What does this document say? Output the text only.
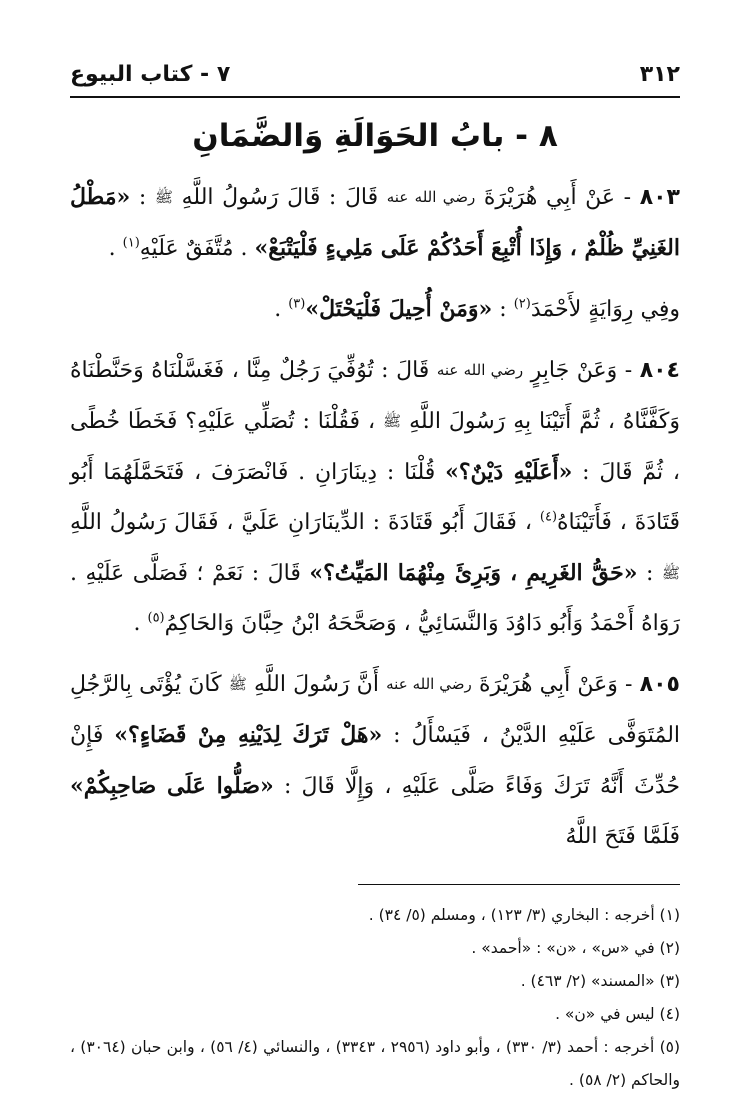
٣١٢
٧ - كتاب البيوع
٨ - بابُ الحَوَالَةِ وَالضَّمَانِ

٨٠٣ - عَنْ أَبِي هُرَيْرَةَ رضي الله عنه قَالَ : قَالَ رَسُولُ اللَّهِ ﷺ : «مَطْلُ الغَنِيِّ ظُلْمٌ ، وَإِذَا أُتْبِعَ أَحَدُكُمْ عَلَى مَلِيءٍ فَلْيَتْبَعْ» . مُتَّفَقٌ عَلَيْهِ$^{(١)}$ .

وفِي رِوَايَةٍ لأَحْمَدَ$^{(٢)}$ : «وَمَنْ أُحِيلَ فَلْيَحْتَلْ»$^{(٣)}$ .

٨٠٤ - وَعَنْ جَابِرٍ رضي الله عنه قَالَ : تُوُفِّيَ رَجُلٌ مِنَّا ، فَغَسَّلْنَاهُ وَحَنَّطْنَاهُ وَكَفَّنَّاهُ ، ثُمَّ أَتَيْنَا بِهِ رَسُولَ اللَّهِ ﷺ ، فَقُلْنَا : تُصَلِّي عَلَيْهِ؟ فَخَطَا خُطًى ، ثُمَّ قَالَ : «أَعَلَيْهِ دَيْنٌ؟» قُلْنَا : دِينَارَانِ . فَانْصَرَفَ ، فَتَحَمَّلَهُمَا أَبُو قَتَادَةَ ، فَأَتَيْنَاهُ$^{(٤)}$ ، فَقَالَ أَبُو قَتَادَةَ : الدِّينَارَانِ عَلَيَّ ، فَقَالَ رَسُولُ اللَّهِ ﷺ : «حَقُّ الغَرِيمِ ، وَبَرِئَ مِنْهُمَا المَيِّتُ؟» قَالَ : نَعَمْ ؛ فَصَلَّى عَلَيْهِ . رَوَاهُ أَحْمَدُ وَأَبُو دَاوُدَ وَالنَّسَائِيُّ ، وَصَحَّحَهُ ابْنُ حِبَّانَ وَالحَاكِمُ$^{(٥)}$ .

٨٠٥ - وَعَنْ أَبِي هُرَيْرَةَ رضي الله عنه أَنَّ رَسُولَ اللَّهِ ﷺ كَانَ يُؤْتَى بِالرَّجُلِ المُتَوَفَّى عَلَيْهِ الدَّيْنُ ، فَيَسْأَلُ : «هَلْ تَرَكَ لِدَيْنِهِ مِنْ قَضَاءٍ؟» فَإِنْ حُدِّثَ أَنَّهُ تَرَكَ وَفَاءً صَلَّى عَلَيْهِ ، وَإِلَّا قَالَ : «صَلُّوا عَلَى صَاحِبِكُمْ» فَلَمَّا فَتَحَ اللَّهُ

(١) أخرجه : البخاري (٣/ ١٢٣) ، ومسلم (٥/ ٣٤) .

(٢) في «س» ، «ن» : «أحمد» .

(٣) «المسند» (٢/ ٤٦٣) .

(٤) ليس في «ن» .

(٥) أخرجه : أحمد (٣/ ٣٣٠) ، وأبو داود (٢٩٥٦ ، ٣٣٤٣) ، والنسائي (٤/ ٥٦) ، وابن حبان (٣٠٦٤) ، والحاكم (٢/ ٥٨) .
